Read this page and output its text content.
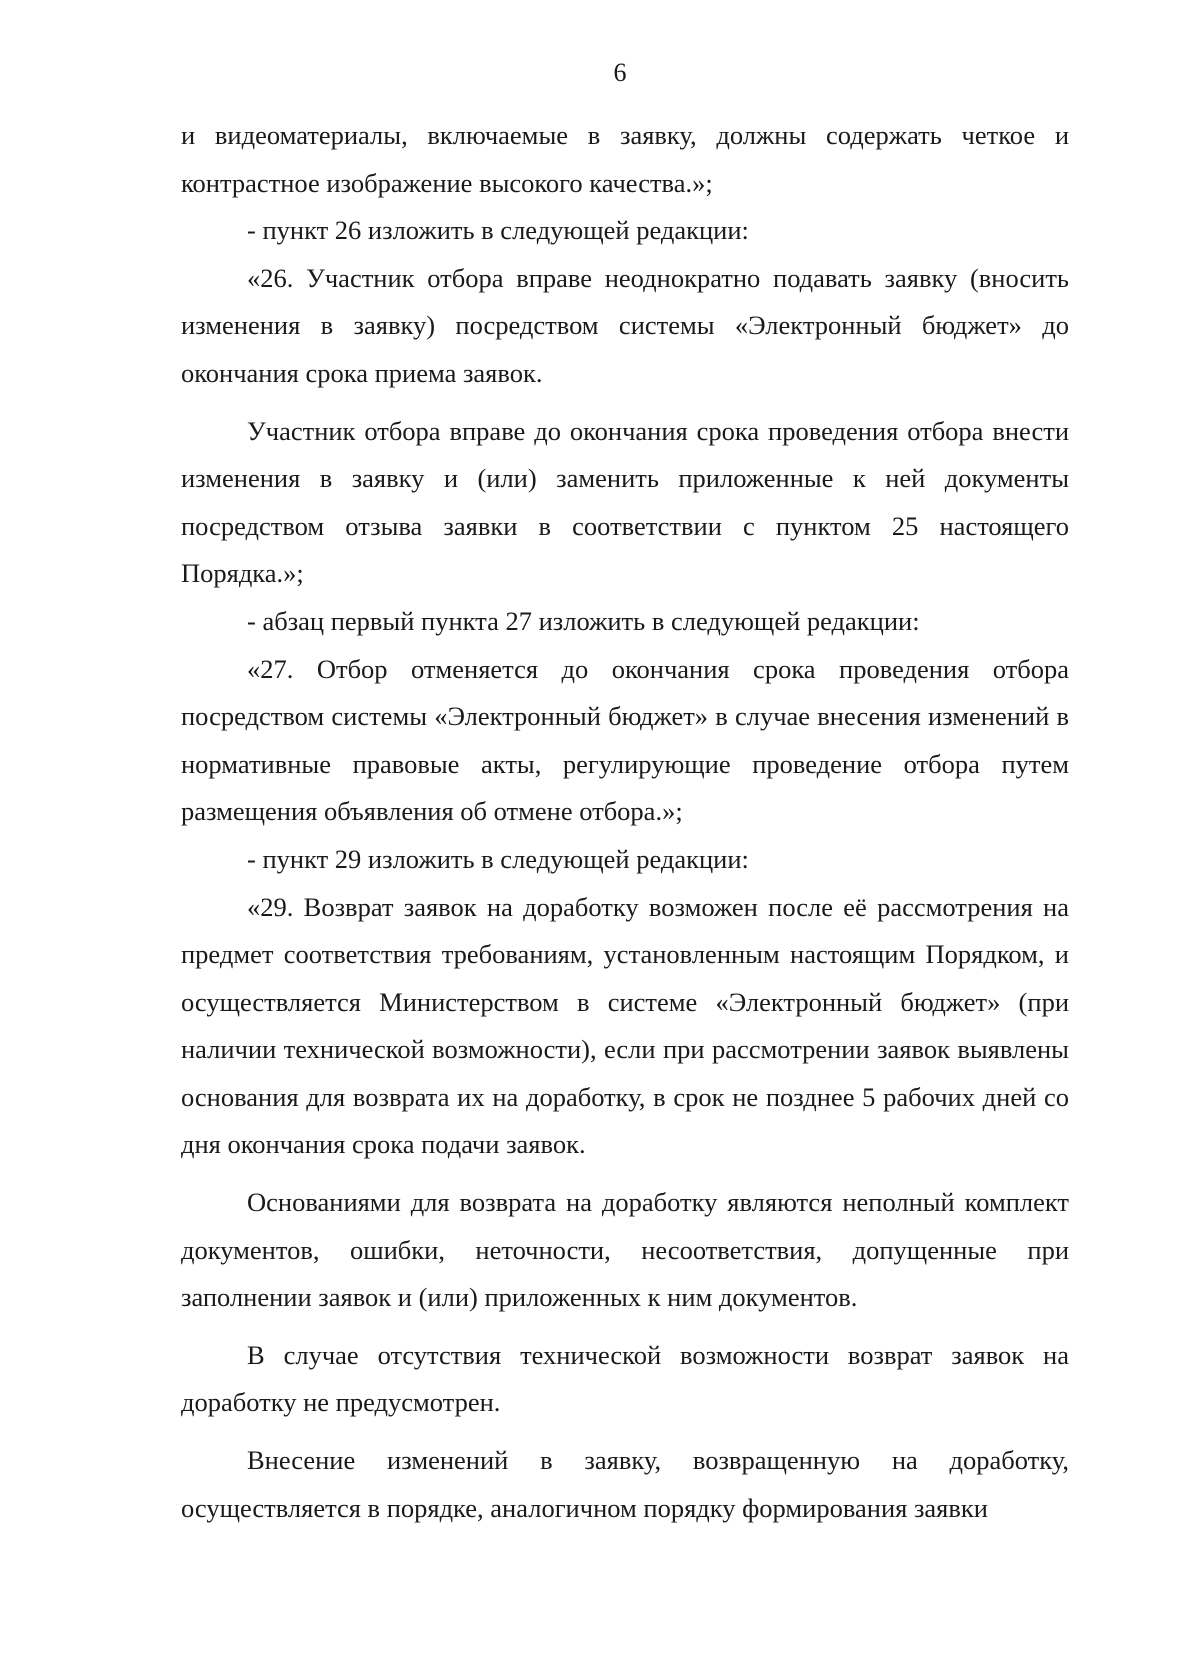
6

и видеоматериалы, включаемые в заявку, должны содержать четкое и контрастное изображение высокого качества.»;

- пункт 26 изложить в следующей редакции:

«26. Участник отбора вправе неоднократно подавать заявку (вносить изменения в заявку) посредством системы «Электронный бюджет» до окончания срока приема заявок.

Участник отбора вправе до окончания срока проведения отбора внести изменения в заявку и (или) заменить приложенные к ней документы посредством отзыва заявки в соответствии с пунктом 25 настоящего Порядка.»;

- абзац первый пункта 27 изложить в следующей редакции:

«27. Отбор отменяется до окончания срока проведения отбора посредством системы «Электронный бюджет» в случае внесения изменений в нормативные правовые акты, регулирующие проведение отбора путем размещения объявления об отмене отбора.»;

- пункт 29 изложить в следующей редакции:

«29. Возврат заявок на доработку возможен после её рассмотрения на предмет соответствия требованиям, установленным настоящим Порядком, и осуществляется Министерством в системе «Электронный бюджет» (при наличии технической возможности), если при рассмотрении заявок выявлены основания для возврата их на доработку, в срок не позднее 5 рабочих дней со дня окончания срока подачи заявок.

Основаниями для возврата на доработку являются неполный комплект документов, ошибки, неточности, несоответствия, допущенные при заполнении заявок и (или) приложенных к ним документов.

В случае отсутствия технической возможности возврат заявок на доработку не предусмотрен.

Внесение изменений в заявку, возвращенную на доработку, осуществляется в порядке, аналогичном порядку формирования заявки
